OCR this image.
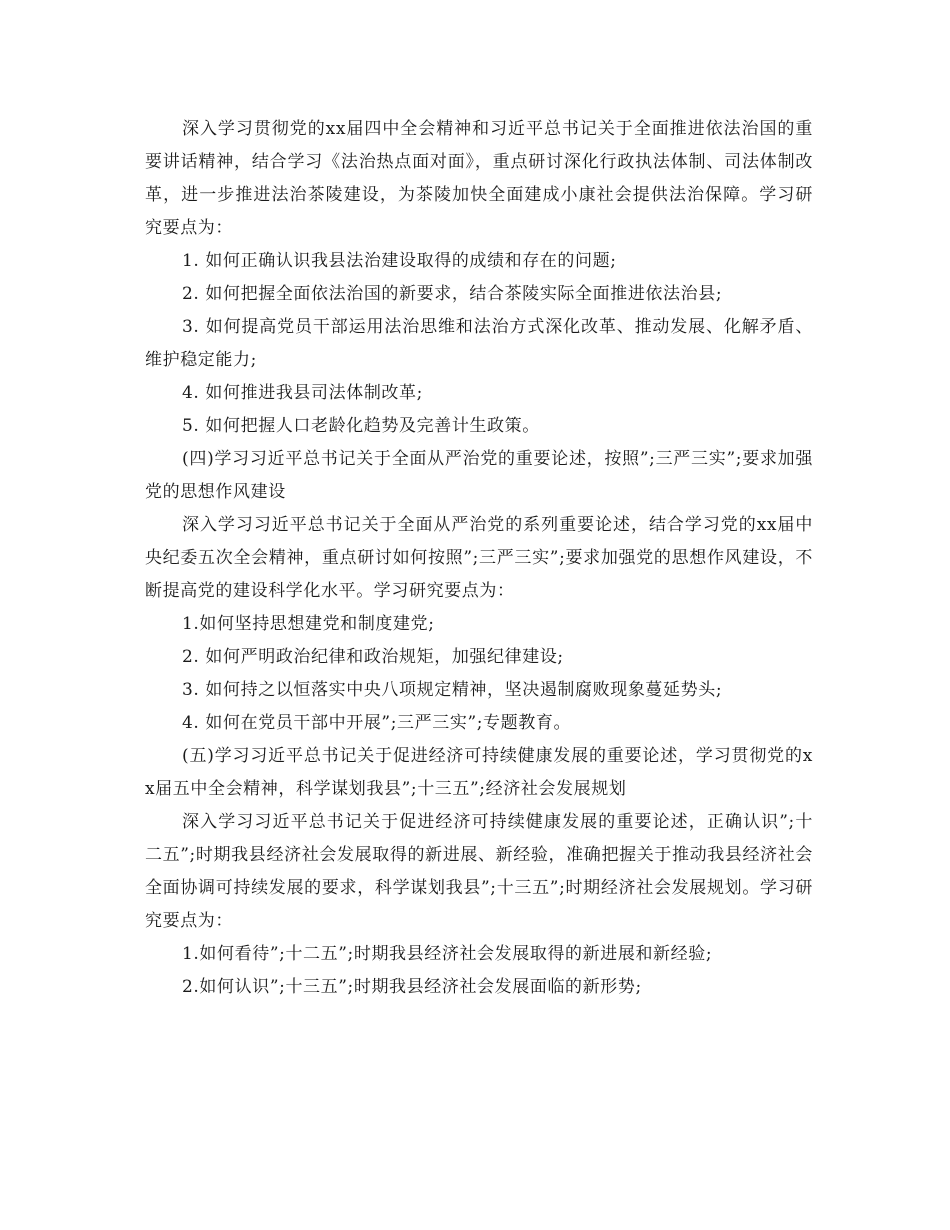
深入学习贯彻党的xx届四中全会精神和习近平总书记关于全面推进依法治国的重要讲话精神，结合学习《法治热点面对面》，重点研讨深化行政执法体制、司法体制改革，进一步推进法治茶陵建设，为茶陵加快全面建成小康社会提供法治保障。学习研究要点为：

1. 如何正确认识我县法治建设取得的成绩和存在的问题;

2. 如何把握全面依法治国的新要求，结合茶陵实际全面推进依法治县;

3. 如何提高党员干部运用法治思维和法治方式深化改革、推动发展、化解矛盾、维护稳定能力;

4. 如何推进我县司法体制改革;

5. 如何把握人口老龄化趋势及完善计生政策。

(四)学习习近平总书记关于全面从严治党的重要论述，按照”;三严三实”;要求加强党的思想作风建设

深入学习习近平总书记关于全面从严治党的系列重要论述，结合学习党的xx届中央纪委五次全会精神，重点研讨如何按照”;三严三实”;要求加强党的思想作风建设，不断提高党的建设科学化水平。学习研究要点为：

1.如何坚持思想建党和制度建党;

2. 如何严明政治纪律和政治规矩，加强纪律建设;

3. 如何持之以恒落实中央八项规定精神，坚决遏制腐败现象蔓延势头;

4. 如何在党员干部中开展”;三严三实”;专题教育。

(五)学习习近平总书记关于促进经济可持续健康发展的重要论述，学习贯彻党的xx届五中全会精神，科学谋划我县”;十三五”;经济社会发展规划

深入学习习近平总书记关于促进经济可持续健康发展的重要论述，正确认识”;十二五”;时期我县经济社会发展取得的新进展、新经验，准确把握关于推动我县经济社会全面协调可持续发展的要求，科学谋划我县”;十三五”;时期经济社会发展规划。学习研究要点为：

1.如何看待”;十二五”;时期我县经济社会发展取得的新进展和新经验;

2.如何认识”;十三五”;时期我县经济社会发展面临的新形势;
